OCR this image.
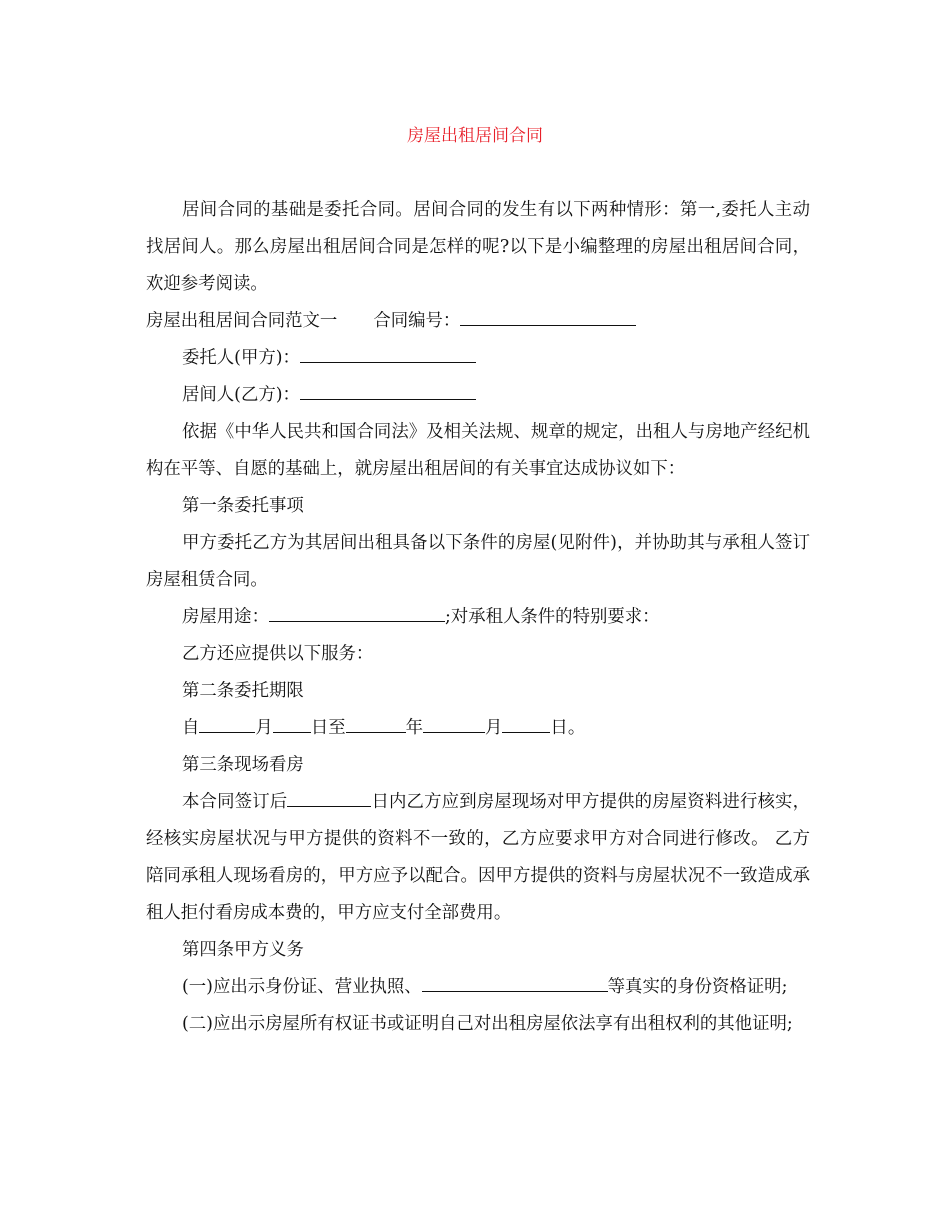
房屋出租居间合同

居间合同的基础是委托合同。居间合同的发生有以下两种情形：第一,委托人主动找居间人。那么房屋出租居间合同是怎样的呢?以下是小编整理的房屋出租居间合同，欢迎参考阅读。

房屋出租居间合同范文一 合同编号：

委托人(甲方)：

居间人(乙方)：

依据《中华人民共和国合同法》及相关法规、规章的规定，出租人与房地产经纪机构在平等、自愿的基础上，就房屋出租居间的有关事宜达成协议如下：

第一条委托事项

甲方委托乙方为其居间出租具备以下条件的房屋(见附件)，并协助其与承租人签订房屋租赁合同。

房屋用途：	;对承租人条件的特别要求：

乙方还应提供以下服务：

第二条委托期限

自	月 日至	年	月	日。

第三条现场看房

本合同签订后	日内乙方应到房屋现场对甲方提供的房屋资料进行核实，经核实房屋状况与甲方提供的资料不一致的，乙方应要求甲方对合同进行修改。 乙方陪同承租人现场看房的，甲方应予以配合。因甲方提供的资料与房屋状况不一致造成承租人拒付看房成本费的，甲方应支付全部费用。

第四条甲方义务

(一)应出示身份证、营业执照、	等真实的身份资格证明;

(二)应出示房屋所有权证书或证明自己对出租房屋依法享有出租权利的其他证明;
